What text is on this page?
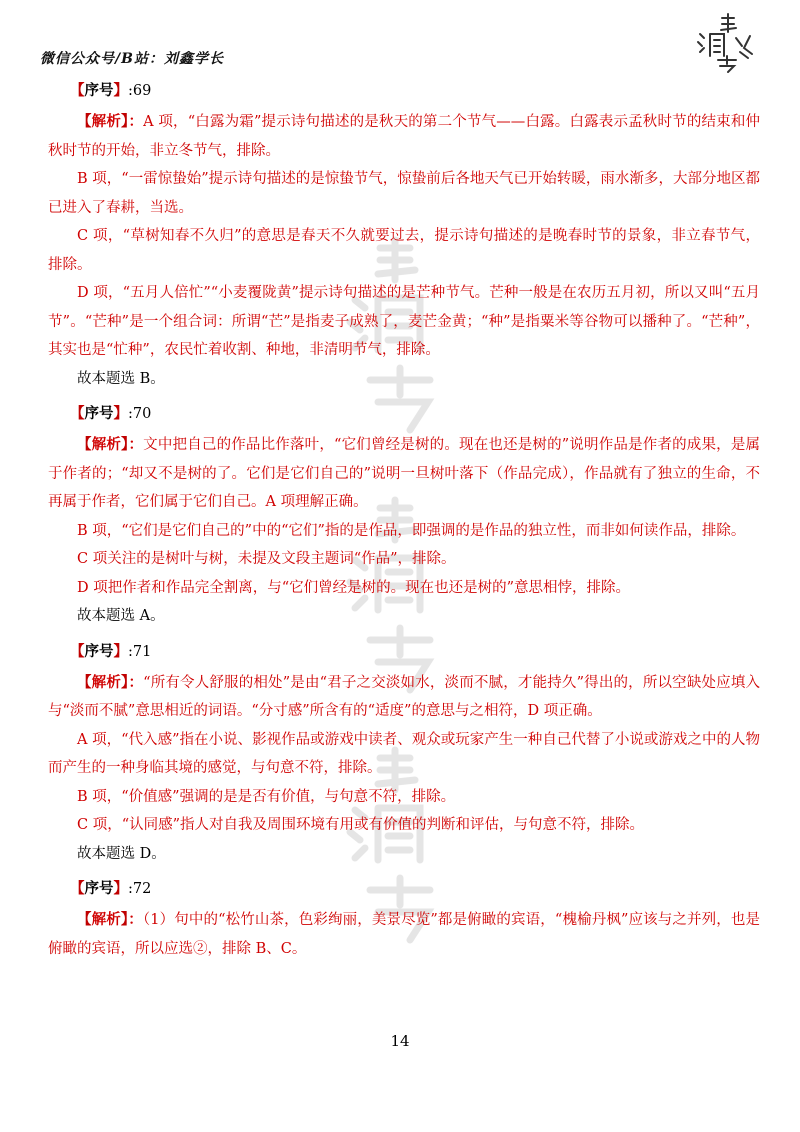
微信公众号/B站：刘鑫学长
【序号】:69

【解析】：A 项，“白露为霜”提示诗句描述的是秋天的第二个节气——白露。白露表示孟秋时节的结束和仲秋时节的开始，非立冬节气，排除。

B 项，“一雷惊蛰始”提示诗句描述的是惊蛰节气，惊蛰前后各地天气已开始转暖，雨水渐多，大部分地区都已进入了春耕，当选。

C 项，“草树知春不久归”的意思是春天不久就要过去，提示诗句描述的是晚春时节的景象，非立春节气，排除。

D 项，“五月人倍忙”“小麦覆陇黄”提示诗句描述的是芒种节气。芒种一般是在农历五月初，所以又叫“五月节”。“芒种”是一个组合词：所谓“芒”是指麦子成熟了，麦芒金黄；“种”是指粟米等谷物可以播种了。“芒种”，其实也是“忙种”，农民忙着收割、种地，非清明节气，排除。

故本题选 B。

【序号】:70

【解析】：文中把自己的作品比作落叶，“它们曾经是树的。现在也还是树的”说明作品是作者的成果，是属于作者的；“却又不是树的了。它们是它们自己的”说明一旦树叶落下（作品完成），作品就有了独立的生命，不再属于作者，它们属于它们自己。A 项理解正确。

B 项，“它们是它们自己的”中的“它们”指的是作品，即强调的是作品的独立性，而非如何读作品，排除。

C 项关注的是树叶与树，未提及文段主题词“作品”，排除。

D 项把作者和作品完全割离，与“它们曾经是树的。现在也还是树的”意思相悖，排除。

故本题选 A。

【序号】:71

【解析】：“所有令人舒服的相处”是由“君子之交淡如水，淡而不腻，才能持久”得出的，所以空缺处应填入与“淡而不腻”意思相近的词语。“分寸感”所含有的“适度”的意思与之相符，D 项正确。

A 项，“代入感”指在小说、影视作品或游戏中读者、观众或玩家产生一种自己代替了小说或游戏之中的人物而产生的一种身临其境的感觉，与句意不符，排除。

B 项，“价值感”强调的是是否有价值，与句意不符，排除。

C 项，“认同感”指人对自我及周围环境有用或有价值的判断和评估，与句意不符，排除。

故本题选 D。

【序号】:72

【解析】：（1）句中的“松竹山茶，色彩绚丽，美景尽览”都是俯瞰的宾语，“槐榆丹枫”应该与之并列，也是俯瞰的宾语，所以应选②，排除 B、C。

14
